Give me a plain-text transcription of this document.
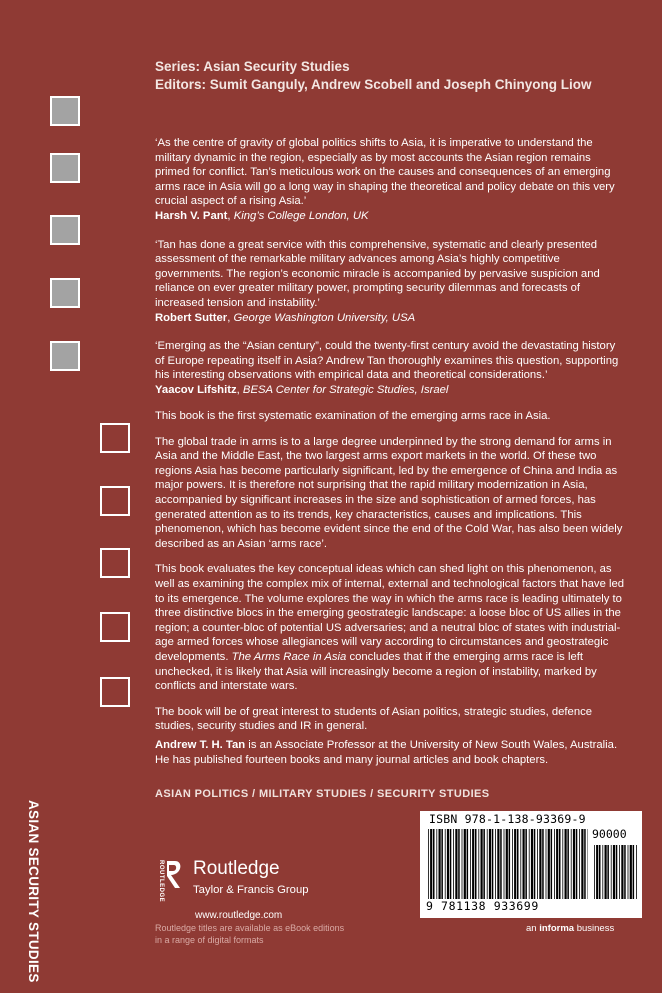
Series: Asian Security Studies
Editors: Sumit Ganguly, Andrew Scobell and Joseph Chinyong Liow

‘As the centre of gravity of global politics shifts to Asia, it is imperative to understand the military dynamic in the region, especially as by most accounts the Asian region remains primed for conflict. Tan’s meticulous work on the causes and consequences of an emerging arms race in Asia will go a long way in shaping the theoretical and policy debate on this very crucial aspect of a rising Asia.’

Harsh V. Pant, King’s College London, UK

‘Tan has done a great service with this comprehensive, systematic and clearly presented assessment of the remarkable military advances among Asia’s highly competitive governments. The region’s economic miracle is accompanied by pervasive suspicion and reliance on ever greater military power, prompting security dilemmas and forecasts of increased tension and instability.’

Robert Sutter, George Washington University, USA

‘Emerging as the “Asian century”, could the twenty-first century avoid the devastating history of Europe repeating itself in Asia? Andrew Tan thoroughly examines this question, supporting his interesting observations with empirical data and theoretical considerations.’

Yaacov Lifshitz, BESA Center for Strategic Studies, Israel

This book is the first systematic examination of the emerging arms race in Asia.

The global trade in arms is to a large degree underpinned by the strong demand for arms in Asia and the Middle East, the two largest arms export markets in the world. Of these two regions Asia has become particularly significant, led by the emergence of China and India as major powers. It is therefore not surprising that the rapid military modernization in Asia, accompanied by significant increases in the size and sophistication of armed forces, has generated attention as to its trends, key characteristics, causes and implications. This phenomenon, which has become evident since the end of the Cold War, has also been widely described as an Asian ‘arms race’.

This book evaluates the key conceptual ideas which can shed light on this phenomenon, as well as examining the complex mix of internal, external and technological factors that have led to its emergence. The volume explores the way in which the arms race is leading ultimately to three distinctive blocs in the emerging geostrategic landscape: a loose bloc of US allies in the region; a counter-bloc of potential US adversaries; and a neutral bloc of states with industrial-age armed forces whose allegiances will vary according to circumstances and geostrategic developments. The Arms Race in Asia concludes that if the emerging arms race is left unchecked, it is likely that Asia will increasingly become a region of instability, marked by conflicts and interstate wars.

The book will be of great interest to students of Asian politics, strategic studies, defence studies, security studies and IR in general.

Andrew T. H. Tan is an Associate Professor at the University of New South Wales, Australia. He has published fourteen books and many journal articles and book chapters.
ASIAN POLITICS / MILITARY STUDIES / SECURITY STUDIES
ASIAN SECURITY STUDIES	ROUTLEDGE Routledge
Taylor & Francis Group
www.routledge.com
Routledge titles are available as eBook editions
in a range of digital formats
ISBN 978-1-138-93369-9
90000
9 781138 933699
an informa business
